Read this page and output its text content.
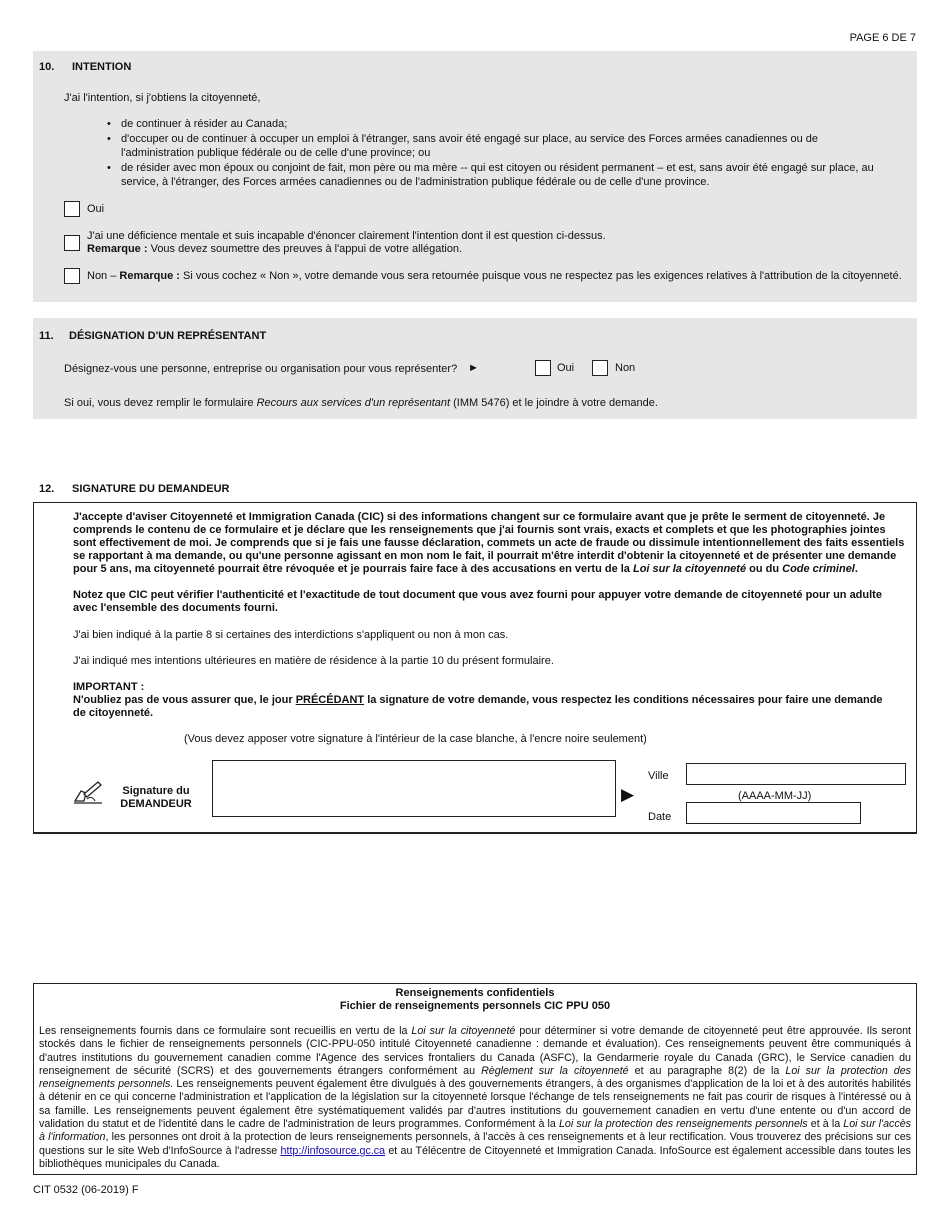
PAGE 6 DE 7
10. INTENTION
J'ai l'intention, si j'obtiens la citoyenneté,
• de continuer à résider au Canada;
• d'occuper ou de continuer à occuper un emploi à l'étranger, sans avoir été engagé sur place, au service des Forces armées canadiennes ou de l'administration publique fédérale ou de celle d'une province; ou
• de résider avec mon époux ou conjoint de fait, mon père ou ma mère -- qui est citoyen ou résident permanent – et est, sans avoir été engagé sur place, au service, à l'étranger, des Forces armées canadiennes ou de l'administration publique fédérale ou de celle d'une province.
Oui
J'ai une déficience mentale et suis incapable d'énoncer clairement l'intention dont il est question ci-dessus.
Remarque : Vous devez soumettre des preuves à l'appui de votre allégation.
Non – Remarque : Si vous cochez « Non », votre demande vous sera retournée puisque vous ne respectez pas les exigences relatives à l'attribution de la citoyenneté.
11. DÉSIGNATION D'UN REPRÉSENTANT
Désignez-vous une personne, entreprise ou organisation pour vous représenter? ►	Oui	Non
Si oui, vous devez remplir le formulaire Recours aux services d'un représentant (IMM 5476) et le joindre à votre demande.
12. SIGNATURE DU DEMANDEUR
J'accepte d'aviser Citoyenneté et Immigration Canada (CIC) si des informations changent sur ce formulaire avant que je prête le serment de citoyenneté. Je comprends le contenu de ce formulaire et je déclare que les renseignements que j'ai fournis sont vrais, exacts et complets et que les photographies jointes sont effectivement de moi. Je comprends que si je fais une fausse déclaration, commets un acte de fraude ou dissimule intentionnellement des faits essentiels se rapportant à ma demande, ou qu'une personne agissant en mon nom le fait, il pourrait m'être interdit d'obtenir la citoyenneté et de présenter une demande pour 5 ans, ma citoyenneté pourrait être révoquée et je pourrais faire face à des accusations en vertu de la Loi sur la citoyenneté ou du Code criminel.
Notez que CIC peut vérifier l'authenticité et l'exactitude de tout document que vous avez fourni pour appuyer votre demande de citoyenneté pour un adulte avec l'ensemble des documents fourni.
J'ai bien indiqué à la partie 8 si certaines des interdictions s'appliquent ou non à mon cas.
J'ai indiqué mes intentions ultérieures en matière de résidence à la partie 10 du présent formulaire.
IMPORTANT :
N'oubliez pas de vous assurer que, le jour PRÉCÉDANT la signature de votre demande, vous respectez les conditions nécessaires pour faire une demande de citoyenneté.
(Vous devez apposer votre signature à l'intérieur de la case blanche, à l'encre noire seulement)
Signature du
DEMANDEUR	▶
Ville
(AAAA-MM-JJ)
Date
Renseignements confidentiels
Fichier de renseignements personnels CIC PPU 050
Les renseignements fournis dans ce formulaire sont recueillis en vertu de la Loi sur la citoyenneté pour déterminer si votre demande de citoyenneté peut être approuvée. Ils seront stockés dans le fichier de renseignements personnels (CIC-PPU-050 intitulé Citoyenneté canadienne : demande et évaluation). Ces renseignements peuvent être communiqués à d'autres institutions du gouvernement canadien comme l'Agence des services frontaliers du Canada (ASFC), la Gendarmerie royale du Canada (GRC), le Service canadien du renseignement de sécurité (SCRS) et des gouvernements étrangers conformément au Règlement sur la citoyenneté et au paragraphe 8(2) de la Loi sur la protection des renseignements personnels. Les renseignements peuvent également être divulgués à des gouvernements étrangers, à des organismes d'application de la loi et à des autorités habilités à détenir en ce qui concerne l'administration et l'application de la législation sur la citoyenneté lorsque l'échange de tels renseignements ne fait pas courir de risques à l'intéressé ou à sa famille. Les renseignements peuvent également être systématiquement validés par d'autres institutions du gouvernement canadien en vertu d'une entente ou d'un accord de validation du statut et de l'identité dans le cadre de l'administration de leurs programmes. Conformément à la Loi sur la protection des renseignements personnels et à la Loi sur l'accès à l'information, les personnes ont droit à la protection de leurs renseignements personnels, à l'accès à ces renseignements et à leur rectification. Vous trouverez des précisions sur ces questions sur le site Web d'InfoSource à l'adresse http://infosource.gc.ca et au Télécentre de Citoyenneté et Immigration Canada. InfoSource est également accessible dans toutes les bibliothèques municipales du Canada.
CIT 0532 (06-2019) F
